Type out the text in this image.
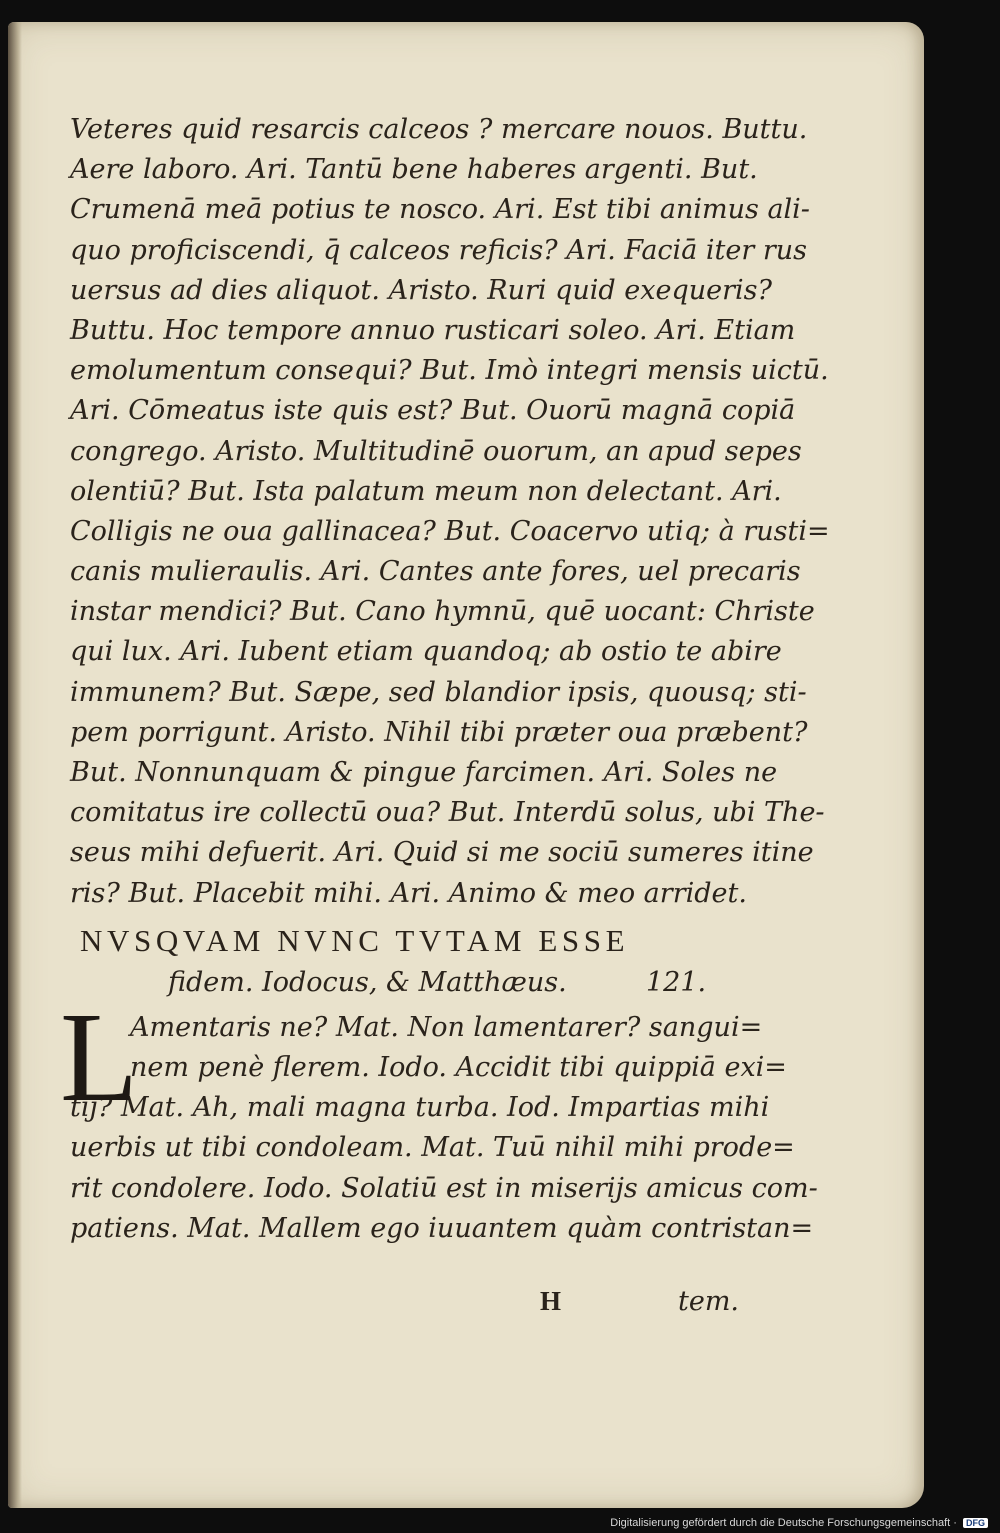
Veteres quid resarcis calceos ? mercare nouos. Buttu.
Aere laboro. Ari. Tantū bene haberes argenti. But.
Crumenā meā potius te nosco. Ari. Est tibi animus ali-
quo proficiscendi, q̄ calceos reficis? Ari. Faciā iter rus
uersus ad dies aliquot. Aristo. Ruri quid exequeris?
Buttu. Hoc tempore annuo rusticari soleo. Ari. Etiam
emolumentum consequi? But. Imò integri mensis uictū.
Ari. Cōmeatus iste quis est? But. Ouorū magnā copiā
congrego. Aristo. Multitudinē ouorum, an apud sepes
olentiū? But. Ista palatum meum non delectant. Ari.
Colligis ne oua gallinacea? But. Coacervo utiq; à rusti=
canis mulieraulis. Ari. Cantes ante fores, uel precaris
instar mendici? But. Cano hymnū, quē uocant: Christe
qui lux. Ari. Iubent etiam quandoq; ab ostio te abire
immunem? But. Sæpe, sed blandior ipsis, quousq; sti-
pem porrigunt. Aristo. Nihil tibi præter oua præbent?
But. Nonnunquam & pingue farcimen. Ari. Soles ne
comitatus ire collectū oua? But. Interdū solus, ubi The-
seus mihi defuerit. Ari. Quid si me sociū sumeres itine
ris? But. Placebit mihi. Ari. Animo & meo arridet.
NVSQVAM NVNC TVTAM ESSE
fidem. Iodocus, & Matthæus.	121.
L
Amentaris ne? Mat. Non lamentarer? sangui=
nem penè flerem. Iodo. Accidit tibi quippiā exi=
tij? Mat. Ah, mali magna turba. Iod. Impartias mihi
uerbis ut tibi condoleam. Mat. Tuū nihil mihi prode=
rit condolere. Iodo. Solatiū est in miserijs amicus com-
patiens. Mat. Mallem ego iuuantem quàm contristan=
H	tem.
Digitalisierung gefördert durch die Deutsche Forschungsgemeinschaft · DFG
